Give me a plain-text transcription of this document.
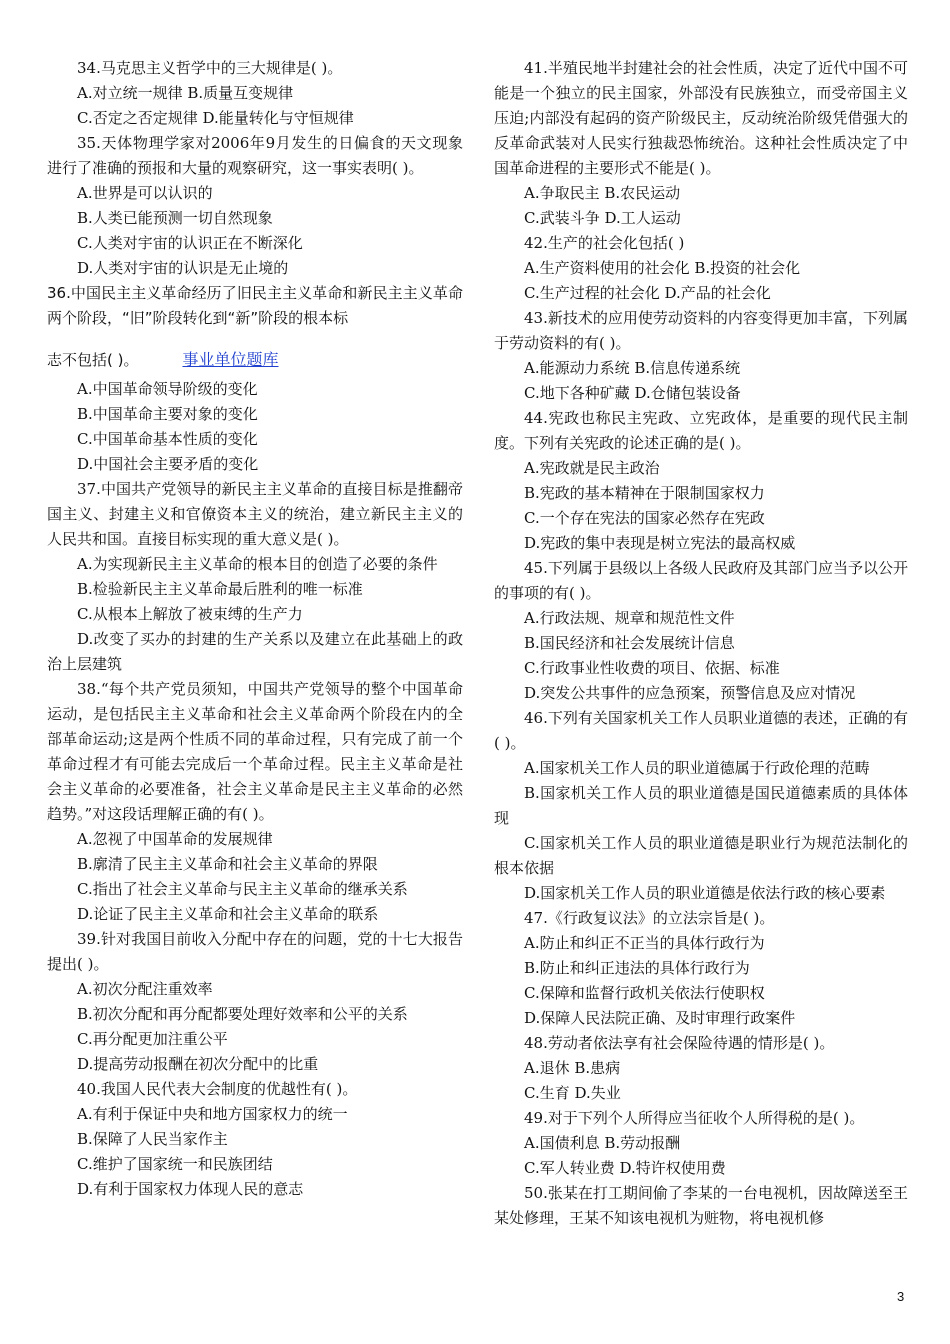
34.马克思主义哲学中的三大规律是( )。

A.对立统一规律 B.质量互变规律

C.否定之否定规律 D.能量转化与守恒规律

35.天体物理学家对2006年9月发生的日偏食的天文现象进行了准确的预报和大量的观察研究，这一事实表明( )。

A.世界是可以认识的

B.人类已能预测一切自然现象

C.人类对宇宙的认识正在不断深化

D.人类对宇宙的认识是无止境的

36.中国民主主义革命经历了旧民主主义革命和新民主主义革命两个阶段，“旧”阶段转化到“新”阶段的根本标

志不包括( )。	事业单位题库

A.中国革命领导阶级的变化

B.中国革命主要对象的变化

C.中国革命基本性质的变化

D.中国社会主要矛盾的变化

37.中国共产党领导的新民主主义革命的直接目标是推翻帝国主义、封建主义和官僚资本主义的统治，建立新民主主义的人民共和国。直接目标实现的重大意义是( )。

A.为实现新民主主义革命的根本目的创造了必要的条件

B.检验新民主主义革命最后胜利的唯一标准

C.从根本上解放了被束缚的生产力

D.改变了买办的封建的生产关系以及建立在此基础上的政治上层建筑

38.“每个共产党员须知，中国共产党领导的整个中国革命运动，是包括民主主义革命和社会主义革命两个阶段在内的全部革命运动;这是两个性质不同的革命过程，只有完成了前一个革命过程才有可能去完成后一个革命过程。民主主义革命是社会主义革命的必要准备，社会主义革命是民主主义革命的必然趋势。”对这段话理解正确的有( )。

A.忽视了中国革命的发展规律

B.廓清了民主主义革命和社会主义革命的界限

C.指出了社会主义革命与民主主义革命的继承关系

D.论证了民主主义革命和社会主义革命的联系

39.针对我国目前收入分配中存在的问题，党的十七大报告提出( )。

A.初次分配注重效率

B.初次分配和再分配都要处理好效率和公平的关系

C.再分配更加注重公平

D.提高劳动报酬在初次分配中的比重

40.我国人民代表大会制度的优越性有( )。

A.有利于保证中央和地方国家权力的统一

B.保障了人民当家作主

C.维护了国家统一和民族团结

D.有利于国家权力体现人民的意志

41.半殖民地半封建社会的社会性质，决定了近代中国不可能是一个独立的民主国家，外部没有民族独立，而受帝国主义压迫;内部没有起码的资产阶级民主，反动统治阶级凭借强大的反革命武装对人民实行独裁恐怖统治。这种社会性质决定了中国革命进程的主要形式不能是( )。

A.争取民主 B.农民运动

C.武装斗争 D.工人运动

42.生产的社会化包括( )

A.生产资料使用的社会化 B.投资的社会化

C.生产过程的社会化 D.产品的社会化

43.新技术的应用使劳动资料的内容变得更加丰富，下列属于劳动资料的有( )。

A.能源动力系统 B.信息传递系统

C.地下各种矿藏 D.仓储包装设备

44.宪政也称民主宪政、立宪政体，是重要的现代民主制度。下列有关宪政的论述正确的是( )。

A.宪政就是民主政治

B.宪政的基本精神在于限制国家权力

C.一个存在宪法的国家必然存在宪政

D.宪政的集中表现是树立宪法的最高权威

45.下列属于县级以上各级人民政府及其部门应当予以公开的事项的有( )。

A.行政法规、规章和规范性文件

B.国民经济和社会发展统计信息

C.行政事业性收费的项目、依据、标准

D.突发公共事件的应急预案，预警信息及应对情况

46.下列有关国家机关工作人员职业道德的表述，正确的有( )。

A.国家机关工作人员的职业道德属于行政伦理的范畴

B.国家机关工作人员的职业道德是国民道德素质的具体体现

C.国家机关工作人员的职业道德是职业行为规范法制化的根本依据

D.国家机关工作人员的职业道德是依法行政的核心要素

47.《行政复议法》的立法宗旨是( )。

A.防止和纠正不正当的具体行政行为

B.防止和纠正违法的具体行政行为

C.保障和监督行政机关依法行使职权

D.保障人民法院正确、及时审理行政案件

48.劳动者依法享有社会保险待遇的情形是( )。

A.退休 B.患病

C.生育 D.失业

49.对于下列个人所得应当征收个人所得税的是( )。

A.国债利息 B.劳动报酬

C.军人转业费 D.特许权使用费

50.张某在打工期间偷了李某的一台电视机，因故障送至王某处修理，王某不知该电视机为赃物，将电视机修

3
